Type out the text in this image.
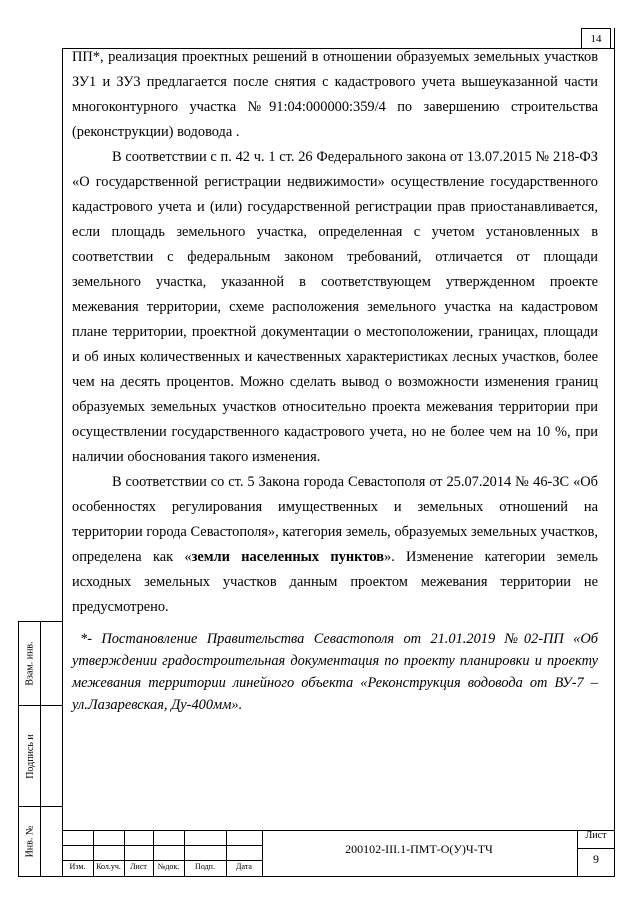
14
Взам. инв.
Подпись и
Инв. №

ПП*, реализация проектных решений в отношении образуемых земельных участков ЗУ1 и ЗУ3 предлагается после снятия с кадастрового учета вышеуказанной части многоконтурного участка №91:04:000000:359/4 по завершению строительства (реконструкции) водовода .

В соответствии с п. 42 ч. 1 ст. 26 Федерального закона от 13.07.2015 № 218-ФЗ «О государственной регистрации недвижимости» осуществление государственного кадастрового учета и (или) государственной регистрации прав приостанавливается, если площадь земельного участка, определенная с учетом установленных в соответствии с федеральным законом требований, отличается от площади земельного участка, указанной в соответствующем утвержденном проекте межевания территории, схеме расположения земельного участка на кадастровом плане территории, проектной документации о местоположении, границах, площади и об иных количественных и качественных характеристиках лесных участков, более чем на десять процентов. Можно сделать вывод о возможности изменения границ образуемых земельных участков относительно проекта межевания территории при осуществлении государственного кадастрового учета, но не более чем на 10 %, при наличии обоснования такого изменения.

В соответствии со ст. 5 Закона города Севастополя от 25.07.2014 № 46-ЗС «Об особенностях регулирования имущественных и земельных отношений на территории города Севастополя», категория земель, образуемых земельных участков, определена как «земли населенных пунктов». Изменение категории земель исходных земельных участков данным проектом межевания территории не предусмотрено.

*- Постановление Правительства Севастополя от 21.01.2019 №02-ПП «Об утверждении градостроительная документация по проекту планировки и проекту межевания территории линейного объекта «Реконструкция водовода от ВУ-7 – ул.Лазаревская, Ду-400мм».
Изм.	Кол.уч.	Лист	№док.	Подп.	Дата
200102-III.1-ПМТ-О(У)Ч-ТЧ
Лист
9
